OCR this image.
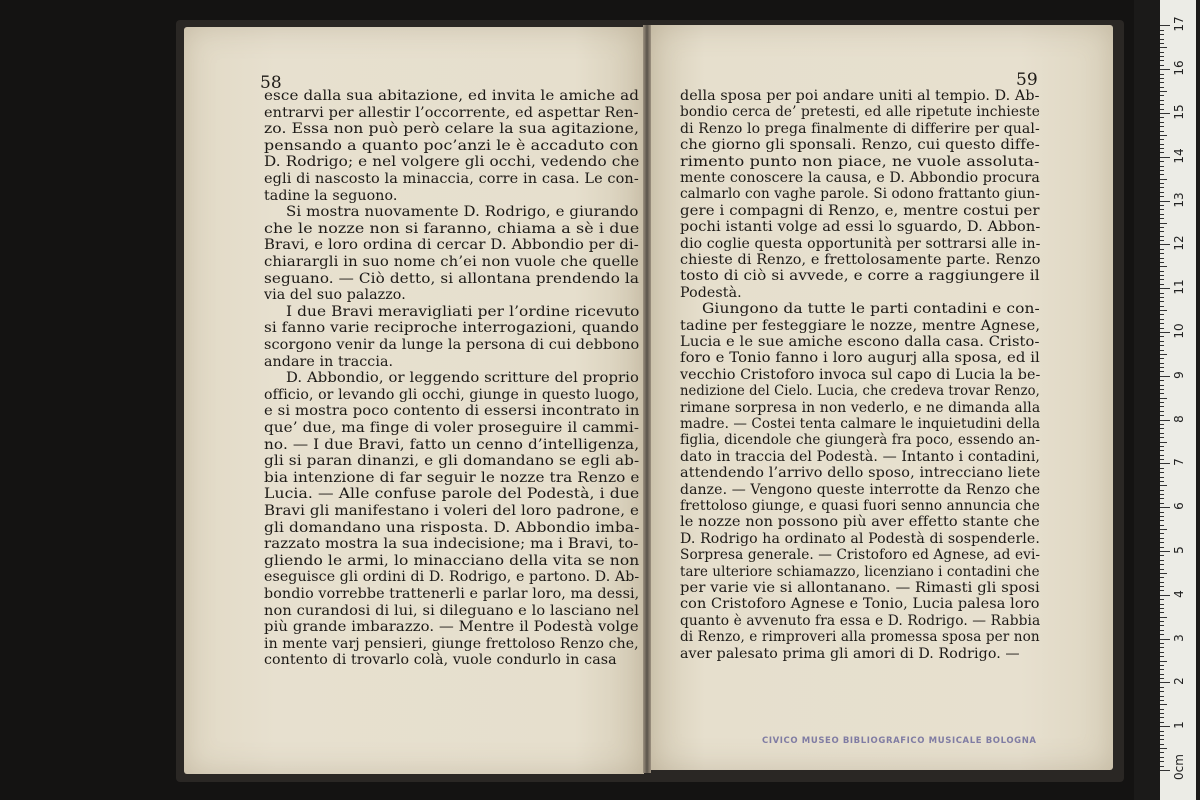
58	59
esce dalla sua abitazione, ed invita le amiche ad
entrarvi per allestir l’occorrente, ed aspettar Ren-
zo. Essa non può però celare la sua agitazione,
pensando a quanto poc’anzi le è accaduto con
D. Rodrigo; e nel volgere gli occhi, vedendo che
egli di nascosto la minaccia, corre in casa. Le con-
tadine la seguono.
Si mostra nuovamente D. Rodrigo, e giurando
che le nozze non si faranno, chiama a sè i due
Bravi, e loro ordina di cercar D. Abbondio per di-
chiarargli in suo nome ch’ei non vuole che quelle
seguano. — Ciò detto, si allontana prendendo la
via del suo palazzo.
I due Bravi meravigliati per l’ordine ricevuto
si fanno varie reciproche interrogazioni, quando
scorgono venir da lunge la persona di cui debbono
andare in traccia.
D. Abbondio, or leggendo scritture del proprio
officio, or levando gli occhi, giunge in questo luogo,
e si mostra poco contento di essersi incontrato in
que’ due, ma finge di voler proseguire il cammi-
no. — I due Bravi, fatto un cenno d’intelligenza,
gli si paran dinanzi, e gli domandano se egli ab-
bia intenzione di far seguir le nozze tra Renzo e
Lucia. — Alle confuse parole del Podestà, i due
Bravi gli manifestano i voleri del loro padrone, e
gli domandano una risposta. D. Abbondio imba-
razzato mostra la sua indecisione; ma i Bravi, to-
gliendo le armi, lo minacciano della vita se non
eseguisce gli ordini di D. Rodrigo, e partono. D. Ab-
bondio vorrebbe trattenerli e parlar loro, ma dessi,
non curandosi di lui, si dileguano e lo lasciano nel
più grande imbarazzo. — Mentre il Podestà volge
in mente varj pensieri, giunge frettoloso Renzo che,
contento di trovarlo colà, vuole condurlo in casa
della sposa per poi andare uniti al tempio. D. Ab-
bondio cerca de’ pretesti, ed alle ripetute inchieste
di Renzo lo prega finalmente di differire per qual-
che giorno gli sponsali. Renzo, cui questo diffe-
rimento punto non piace, ne vuole assoluta-
mente conoscere la causa, e D. Abbondio procura
calmarlo con vaghe parole. Si odono frattanto giun-
gere i compagni di Renzo, e, mentre costui per
pochi istanti volge ad essi lo sguardo, D. Abbon-
dio coglie questa opportunità per sottrarsi alle in-
chieste di Renzo, e frettolosamente parte. Renzo
tosto di ciò si avvede, e corre a raggiungere il
Podestà.
Giungono da tutte le parti contadini e con-
tadine per festeggiare le nozze, mentre Agnese,
Lucia e le sue amiche escono dalla casa. Cristo-
foro e Tonio fanno i loro augurj alla sposa, ed il
vecchio Cristoforo invoca sul capo di Lucia la be-
nedizione del Cielo. Lucia, che credeva trovar Renzo,
rimane sorpresa in non vederlo, e ne dimanda alla
madre. — Costei tenta calmare le inquietudini della
figlia, dicendole che giungerà fra poco, essendo an-
dato in traccia del Podestà. — Intanto i contadini,
attendendo l’arrivo dello sposo, intrecciano liete
danze. — Vengono queste interrotte da Renzo che
frettoloso giunge, e quasi fuori senno annuncia che
le nozze non possono più aver effetto stante che
D. Rodrigo ha ordinato al Podestà di sospenderle.
Sorpresa generale. — Cristoforo ed Agnese, ad evi-
tare ulteriore schiamazzo, licenziano i contadini che
per varie vie si allontanano. — Rimasti gli sposi
con Cristoforo Agnese e Tonio, Lucia palesa loro
quanto è avvenuto fra essa e D. Rodrigo. — Rabbia
di Renzo, e rimproveri alla promessa sposa per non
aver palesato prima gli amori di D. Rodrigo. —
CIVICO MUSEO BIBLIOGRAFICO MUSICALE BOLOGNA
0cm
1
2
3
4
5
6
7
8
9
10
11
12
13
14
15
16
17
